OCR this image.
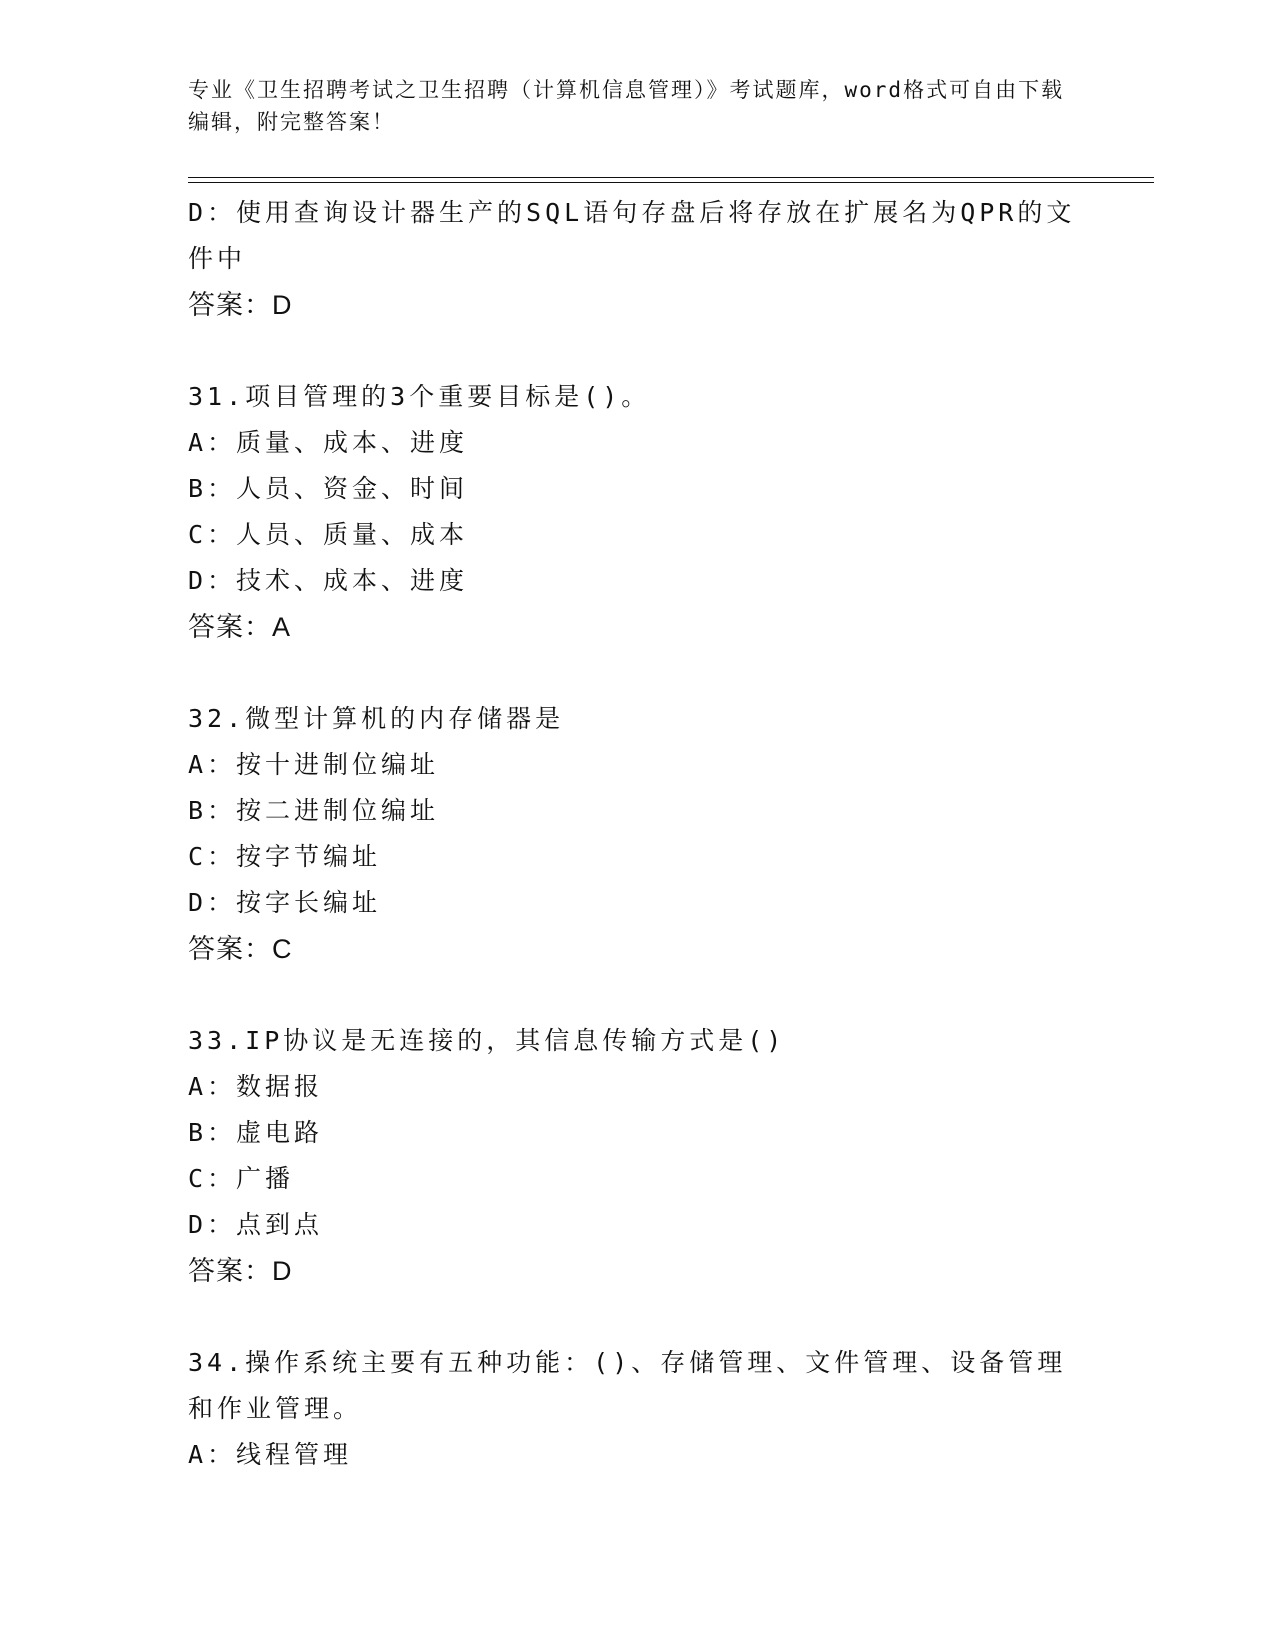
专业《卫生招聘考试之卫生招聘（计算机信息管理）》考试题库，word格式可自由下载编辑，附完整答案！
D：使用查询设计器生产的SQL语句存盘后将存放在扩展名为QPR的文件中
答案：D
31.项目管理的3个重要目标是()。
A：质量、成本、进度
B：人员、资金、时间
C：人员、质量、成本
D：技术、成本、进度
答案：A
32.微型计算机的内存储器是
A：按十进制位编址
B：按二进制位编址
C：按字节编址
D：按字长编址
答案：C
33.IP协议是无连接的，其信息传输方式是()
A：数据报
B：虚电路
C：广播
D：点到点
答案：D
34.操作系统主要有五种功能：()、存储管理、文件管理、设备管理和作业管理。
A：线程管理
